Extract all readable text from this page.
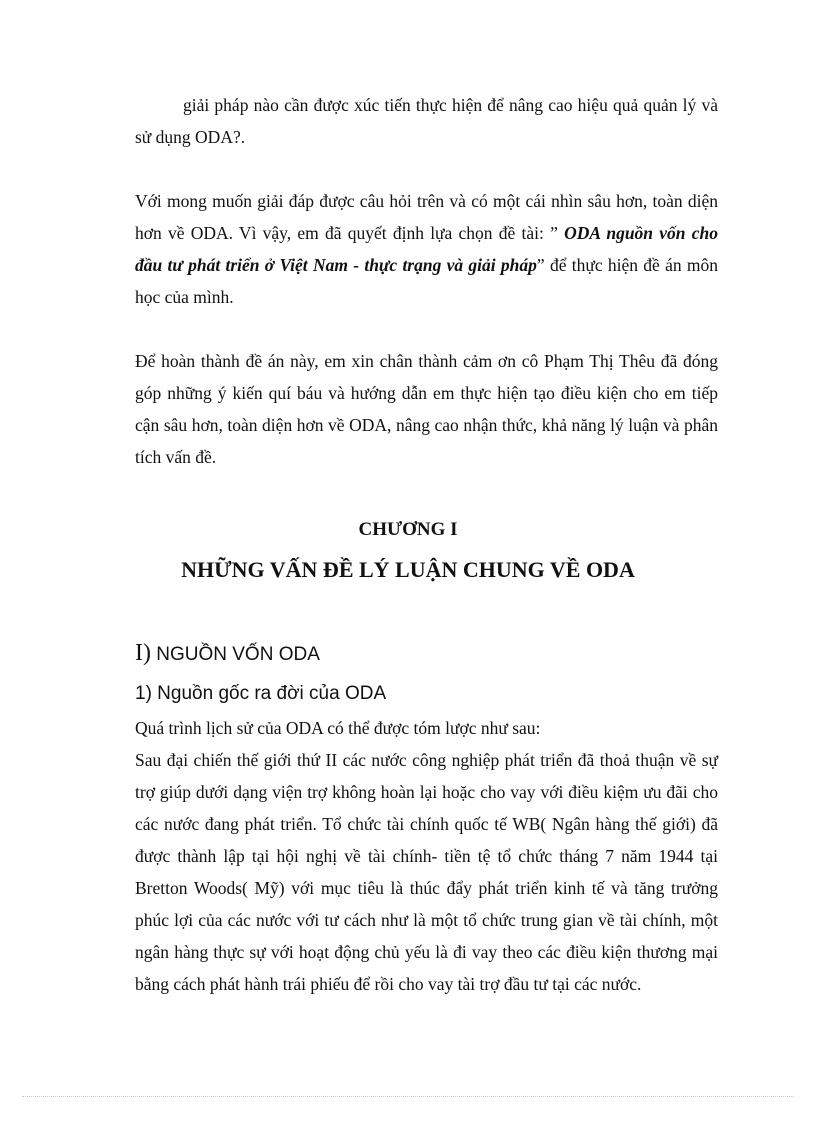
giải pháp nào cần được xúc tiến thực hiện để nâng cao hiệu quả quản lý và sử dụng ODA?.
Với mong muốn giải đáp được câu hỏi trên và có một cái nhìn sâu hơn, toàn diện hơn về ODA. Vì vậy, em đã quyết định lựa chọn đề tài: ” ODA nguồn vốn cho đầu tư phát triển ở Việt Nam - thực trạng và giải pháp” để thực hiện đề án môn học của mình.
Để hoàn thành đề án này, em xin chân thành cảm ơn cô Phạm Thị Thêu đã đóng góp những ý kiến quí báu và hướng dẫn em thực hiện tạo điều kiện cho em tiếp cận sâu hơn, toàn diện hơn về ODA, nâng cao nhận thức, khả năng lý luận và phân tích vấn đề.
CHƯƠNG I
NHỮNG VẤN ĐỀ LÝ LUẬN CHUNG VỀ ODA
I) NGUỒN VỐN ODA
1) Nguồn gốc ra đời của ODA
Quá trình lịch sử của ODA có thể được tóm lược như sau:
Sau đại chiến thế giới thứ II các nước công nghiệp phát triển đã thoả thuận về sự trợ giúp dưới dạng viện trợ không hoàn lại hoặc cho vay với điều kiệm ưu đãi cho các nước đang phát triển. Tổ chức tài chính quốc tế WB( Ngân hàng thế giới) đã được thành lập tại hội nghị về tài chính- tiền tệ tổ chức tháng 7 năm 1944 tại Bretton Woods( Mỹ) với mục tiêu là thúc đẩy phát triển kinh tế và tăng trưởng phúc lợi của các nước với tư cách như là một tổ chức trung gian về tài chính, một ngân hàng thực sự với hoạt động chủ yếu là đi vay theo các điều kiện thương mại bằng cách phát hành trái phiếu để rồi cho vay tài trợ đầu tư tại các nước.
